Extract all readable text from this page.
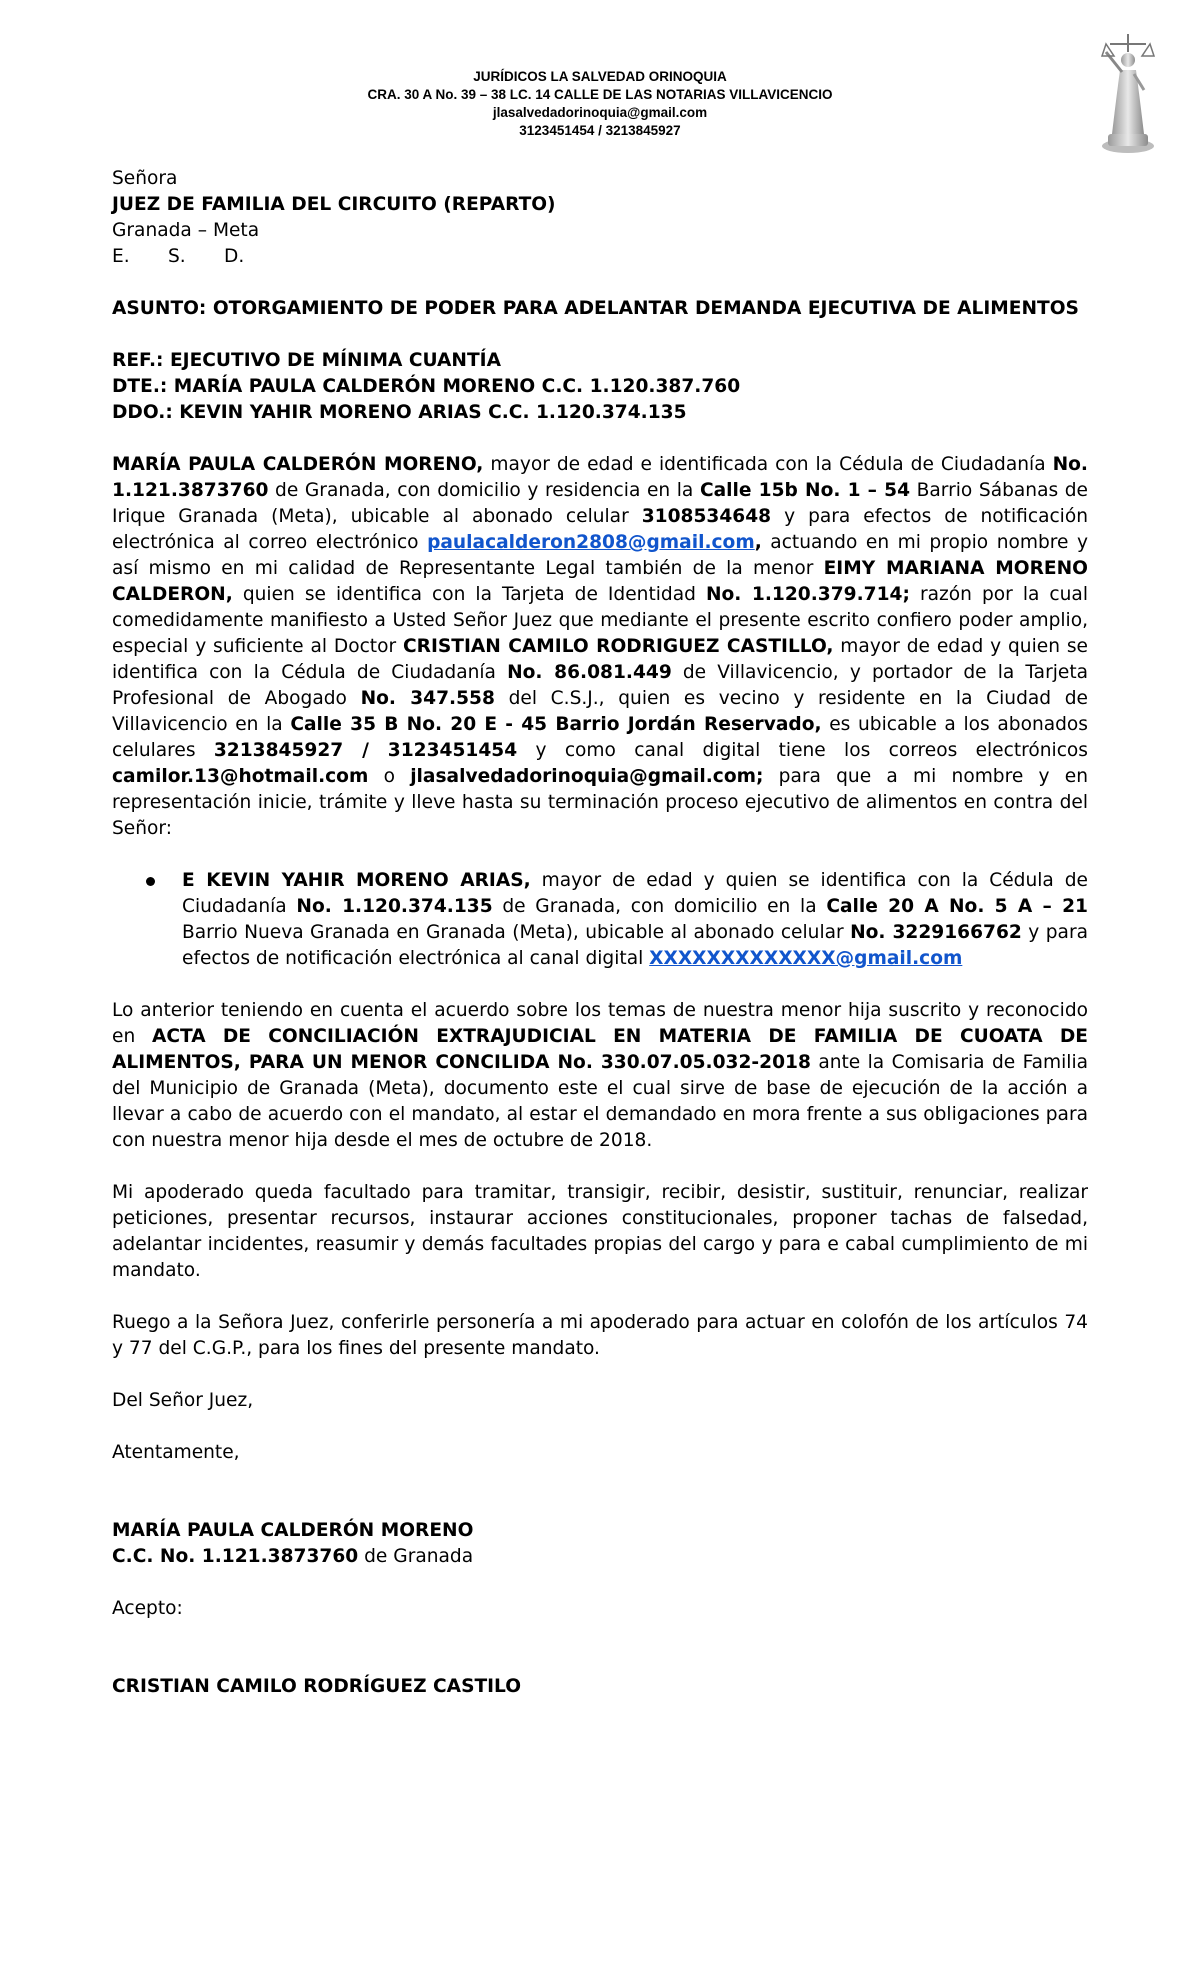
JURÍDICOS LA SALVEDAD ORINOQUIA
CRA. 30 A No. 39 – 38 LC. 14 CALLE DE LAS NOTARIAS VILLAVICENCIO
jlasalvedadorinoquia@gmail.com
3123451454 / 3213845927

Señora

JUEZ DE FAMILIA DEL CIRCUITO (REPARTO)

Granada – Meta

E. S. D.

ASUNTO: OTORGAMIENTO DE PODER PARA ADELANTAR DEMANDA EJECUTIVA DE ALIMENTOS

REF.: EJECUTIVO DE MÍNIMA CUANTÍA

DTE.: MARÍA PAULA CALDERÓN MORENO C.C. 1.120.387.760

DDO.: KEVIN YAHIR MORENO ARIAS C.C. 1.120.374.135

MARÍA PAULA CALDERÓN MORENO, mayor de edad e identificada con la Cédula de Ciudadanía No. 1.121.3873760 de Granada, con domicilio y residencia en la Calle 15b No. 1 – 54 Barrio Sábanas de Irique Granada (Meta), ubicable al abonado celular 3108534648 y para efectos de notificación electrónica al correo electrónico paulacalderon2808@gmail.com, actuando en mi propio nombre y así mismo en mi calidad de Representante Legal también de la menor EIMY MARIANA MORENO CALDERON, quien se identifica con la Tarjeta de Identidad No. 1.120.379.714; razón por la cual comedidamente manifiesto a Usted Señor Juez que mediante el presente escrito confiero poder amplio, especial y suficiente al Doctor CRISTIAN CAMILO RODRIGUEZ CASTILLO, mayor de edad y quien se identifica con la Cédula de Ciudadanía No. 86.081.449 de Villavicencio, y portador de la Tarjeta Profesional de Abogado No. 347.558 del C.S.J., quien es vecino y residente en la Ciudad de Villavicencio en la Calle 35 B No. 20 E - 45 Barrio Jordán Reservado, es ubicable a los abonados celulares 3213845927 / 3123451454 y como canal digital tiene los correos electrónicos camilor.13@hotmail.com o jlasalvedadorinoquia@gmail.com; para que a mi nombre y en representación inicie, trámite y lleve hasta su terminación proceso ejecutivo de alimentos en contra del Señor:

E KEVIN YAHIR MORENO ARIAS, mayor de edad y quien se identifica con la Cédula de Ciudadanía No. 1.120.374.135 de Granada, con domicilio en la Calle 20 A No. 5 A – 21 Barrio Nueva Granada en Granada (Meta), ubicable al abonado celular No. 3229166762 y para efectos de notificación electrónica al canal digital XXXXXXXXXXXXX@gmail.com

Lo anterior teniendo en cuenta el acuerdo sobre los temas de nuestra menor hija suscrito y reconocido en ACTA DE CONCILIACIÓN EXTRAJUDICIAL EN MATERIA DE FAMILIA DE CUOATA DE ALIMENTOS, PARA UN MENOR CONCILIDA No. 330.07.05.032-2018 ante la Comisaria de Familia del Municipio de Granada (Meta), documento este el cual sirve de base de ejecución de la acción a llevar a cabo de acuerdo con el mandato, al estar el demandado en mora frente a sus obligaciones para con nuestra menor hija desde el mes de octubre de 2018.

Mi apoderado queda facultado para tramitar, transigir, recibir, desistir, sustituir, renunciar, realizar peticiones, presentar recursos, instaurar acciones constitucionales, proponer tachas de falsedad, adelantar incidentes, reasumir y demás facultades propias del cargo y para e cabal cumplimiento de mi mandato.

Ruego a la Señora Juez, conferirle personería a mi apoderado para actuar en colofón de los artículos 74 y 77 del C.G.P., para los fines del presente mandato.

Del Señor Juez,

Atentamente,

MARÍA PAULA CALDERÓN MORENO

C.C. No. 1.121.3873760 de Granada

Acepto:

CRISTIAN CAMILO RODRÍGUEZ CASTILO
